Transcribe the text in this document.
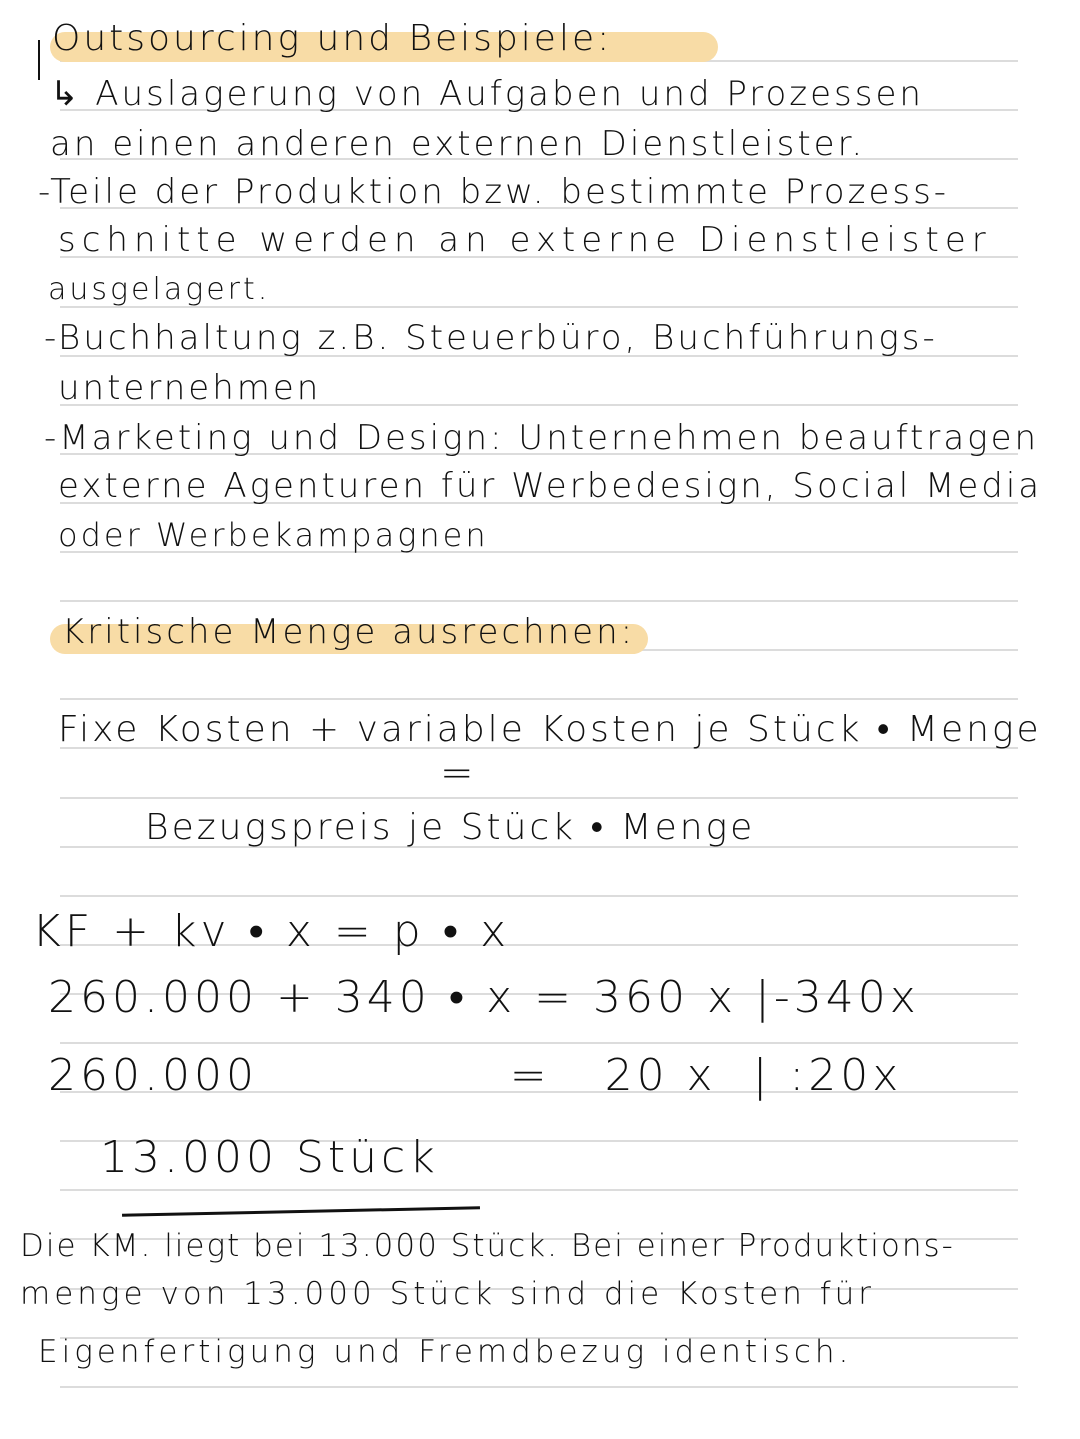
Outsourcing und Beispiele:
↳ Auslagerung von Aufgaben und Prozessen
an einen anderen externen Dienstleister.
-Teile der Produktion bzw. bestimmte Prozess-
schnitte werden an externe Dienstleister
ausgelagert.
-Buchhaltung z.B. Steuerbüro, Buchführungs-
unternehmen
-Marketing und Design: Unternehmen beauftragen
externe Agenturen für Werbedesign, Social Media
oder Werbekampagnen
Kritische Menge ausrechnen:
Fixe Kosten + variable Kosten je Stück • Menge
=
Bezugspreis je Stück • Menge
KF + kv • x = p • x
260.000 + 340 • x = 360 x |-340x
260.000              =   20 x  | :20x
13.000 Stück
Die KM. liegt bei 13.000 Stück. Bei einer Produktions-
menge von 13.000 Stück sind die Kosten für
Eigenfertigung und Fremdbezug identisch.
